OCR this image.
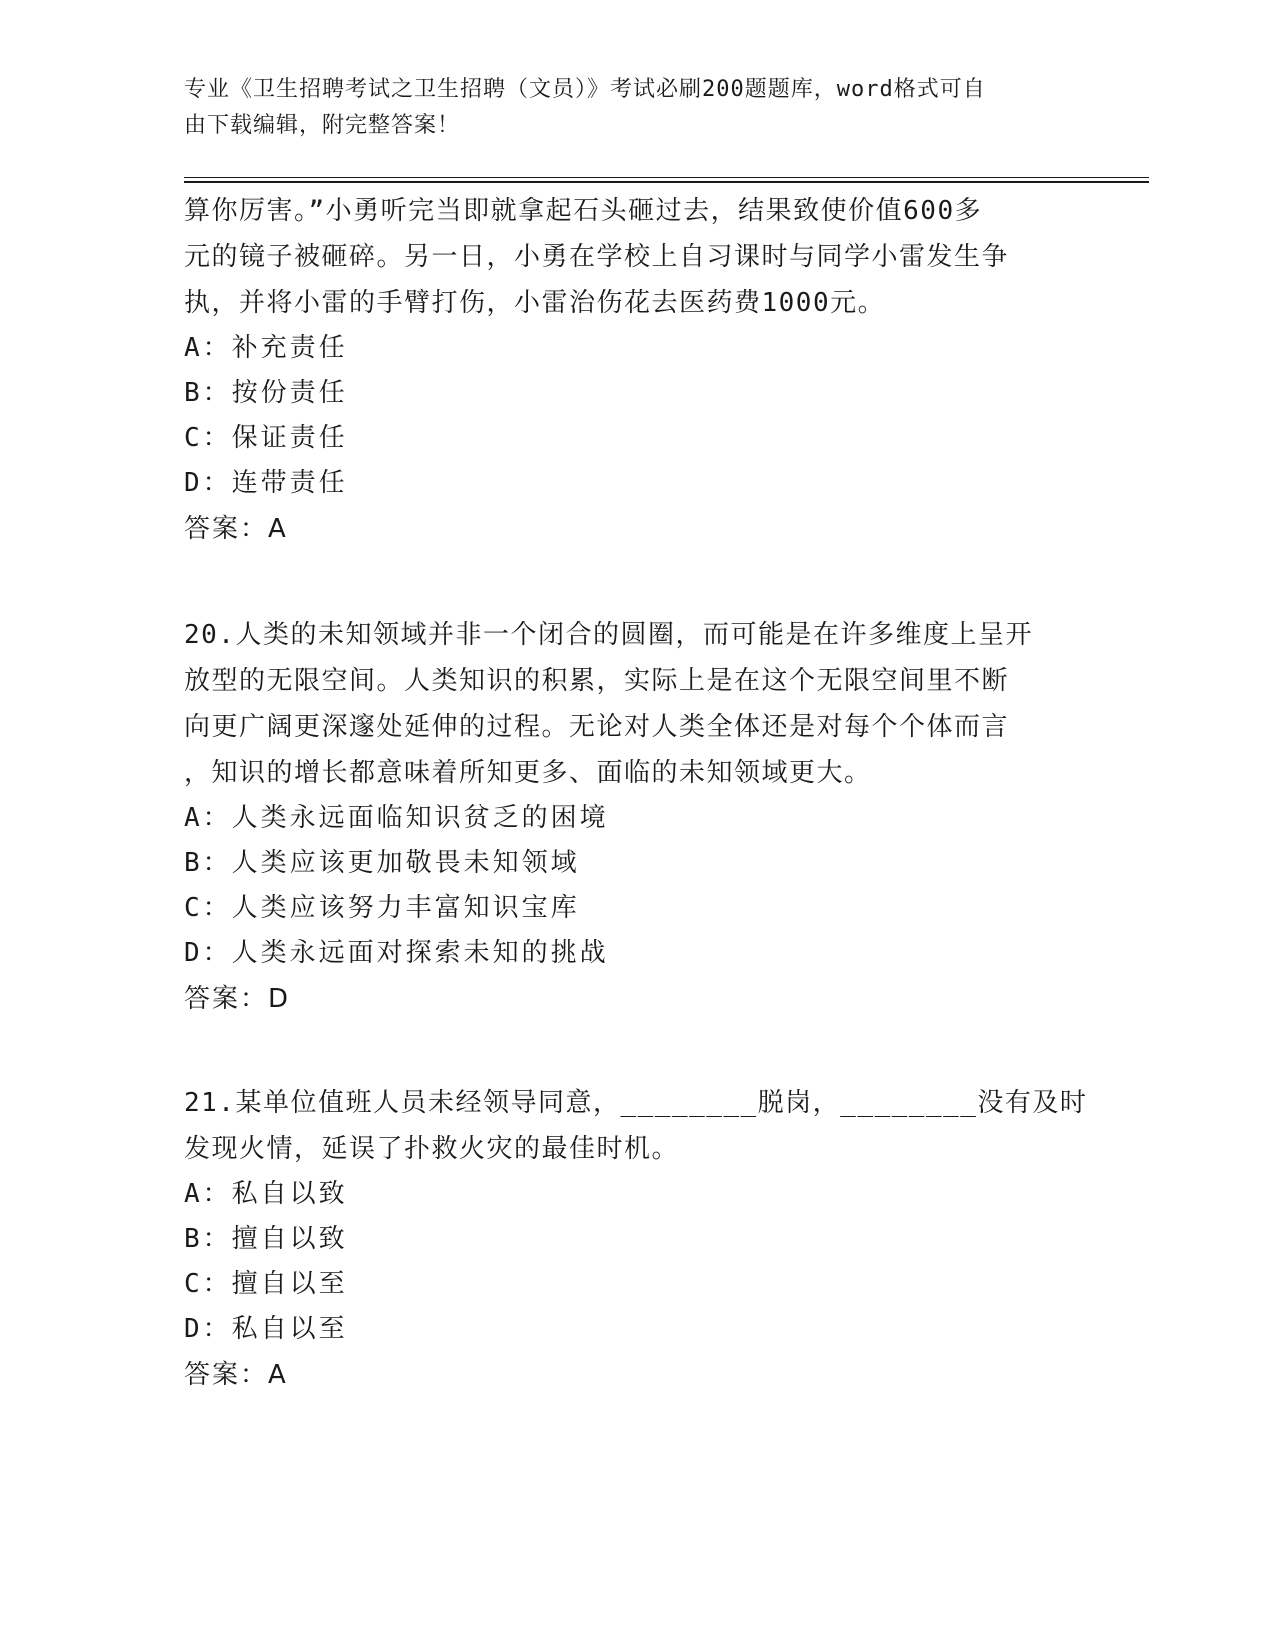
专业《卫生招聘考试之卫生招聘（文员）》考试必刷200题题库，word格式可自
由下载编辑，附完整答案！
算你厉害。”小勇听完当即就拿起石头砸过去，结果致使价值600多
元的镜子被砸碎。另一日，小勇在学校上自习课时与同学小雷发生争
执，并将小雷的手臂打伤，小雷治伤花去医药费1000元。
A：补充责任
B：按份责任
C：保证责任
D：连带责任
答案：A
20.人类的未知领域并非一个闭合的圆圈，而可能是在许多维度上呈开
放型的无限空间。人类知识的积累，实际上是在这个无限空间里不断
向更广阔更深邃处延伸的过程。无论对人类全体还是对每个个体而言
，知识的增长都意味着所知更多、面临的未知领域更大。
A：人类永远面临知识贫乏的困境
B：人类应该更加敬畏未知领域
C：人类应该努力丰富知识宝库
D：人类永远面对探索未知的挑战
答案：D
21.某单位值班人员未经领导同意，________脱岗，________没有及时
发现火情，延误了扑救火灾的最佳时机。
A：私自以致
B：擅自以致
C：擅自以至
D：私自以至
答案：A
